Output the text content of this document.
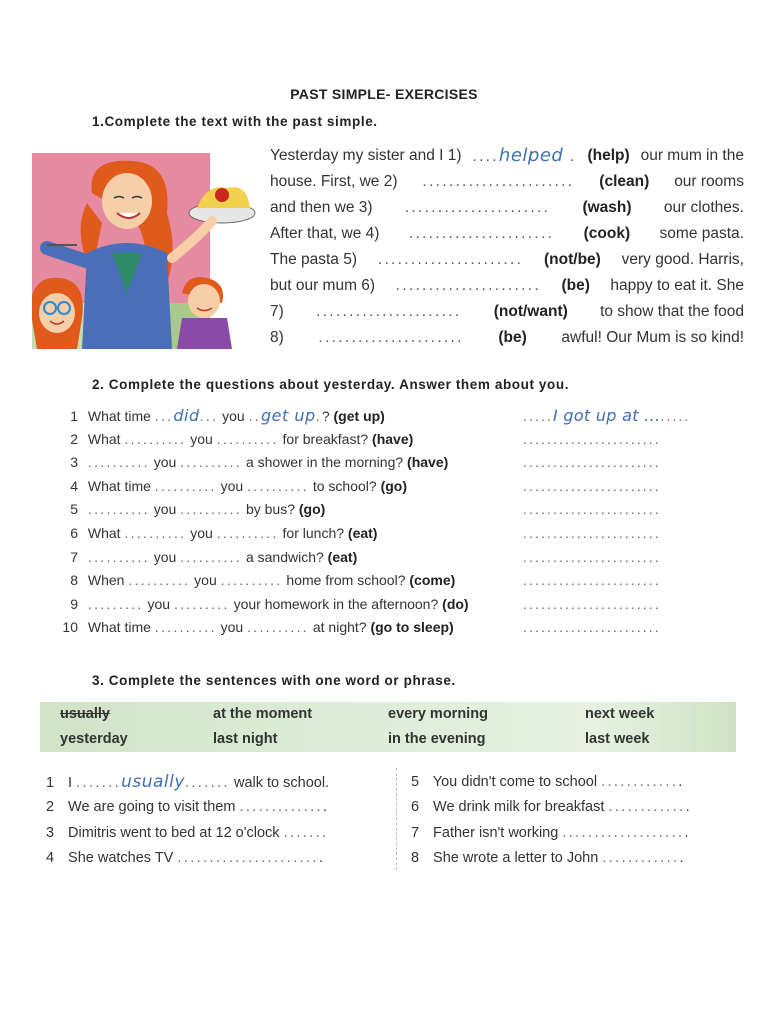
PAST SIMPLE- EXERCISES
1.Complete the text with the past simple.
Yesterday my sister and I 1) ....helped . (help) our mum in the
house. First, we 2) ....................... (clean) our rooms
and then we 3) ...................... (wash) our clothes.
After that, we 4) ...................... (cook) some pasta.
The pasta 5) ...................... (not/be) very good. Harris,
but our mum 6) ...................... (be) happy to eat it. She
7) ...................... (not/want) to show that the food
8) ...................... (be) awful! Our Mum is so kind!
2. Complete the questions about yesterday. Answer them about you.
1 What time ...did... you ..get up.? (get up)	.....I got up at ........
2 What .......... you .......... for breakfast? (have)	.......................
3 .......... you .......... a shower in the morning? (have)	.......................
4 What time .......... you .......... to school? (go)	.......................
5 .......... you .......... by bus? (go)	.......................
6 What .......... you .......... for lunch? (eat)	.......................
7 .......... you .......... a sandwich? (eat)	.......................
8 When .......... you .......... home from school? (come)	.......................
9 ......... you ......... your homework in the afternoon? (do)	.......................
10 What time .......... you .......... at night? (go to sleep)	.......................
3. Complete the sentences with one word or phrase.
usually	at the moment	every morning	next week
yesterday	last night	in the evening	last week
1 I .......usually....... walk to school.
2 We are going to visit them ..............
3 Dimitris went to bed at 12 o'clock .......
4 She watches TV .......................
5 You didn't come to school .............
6 We drink milk for breakfast .............
7 Father isn't working ....................
8 She wrote a letter to John .............
